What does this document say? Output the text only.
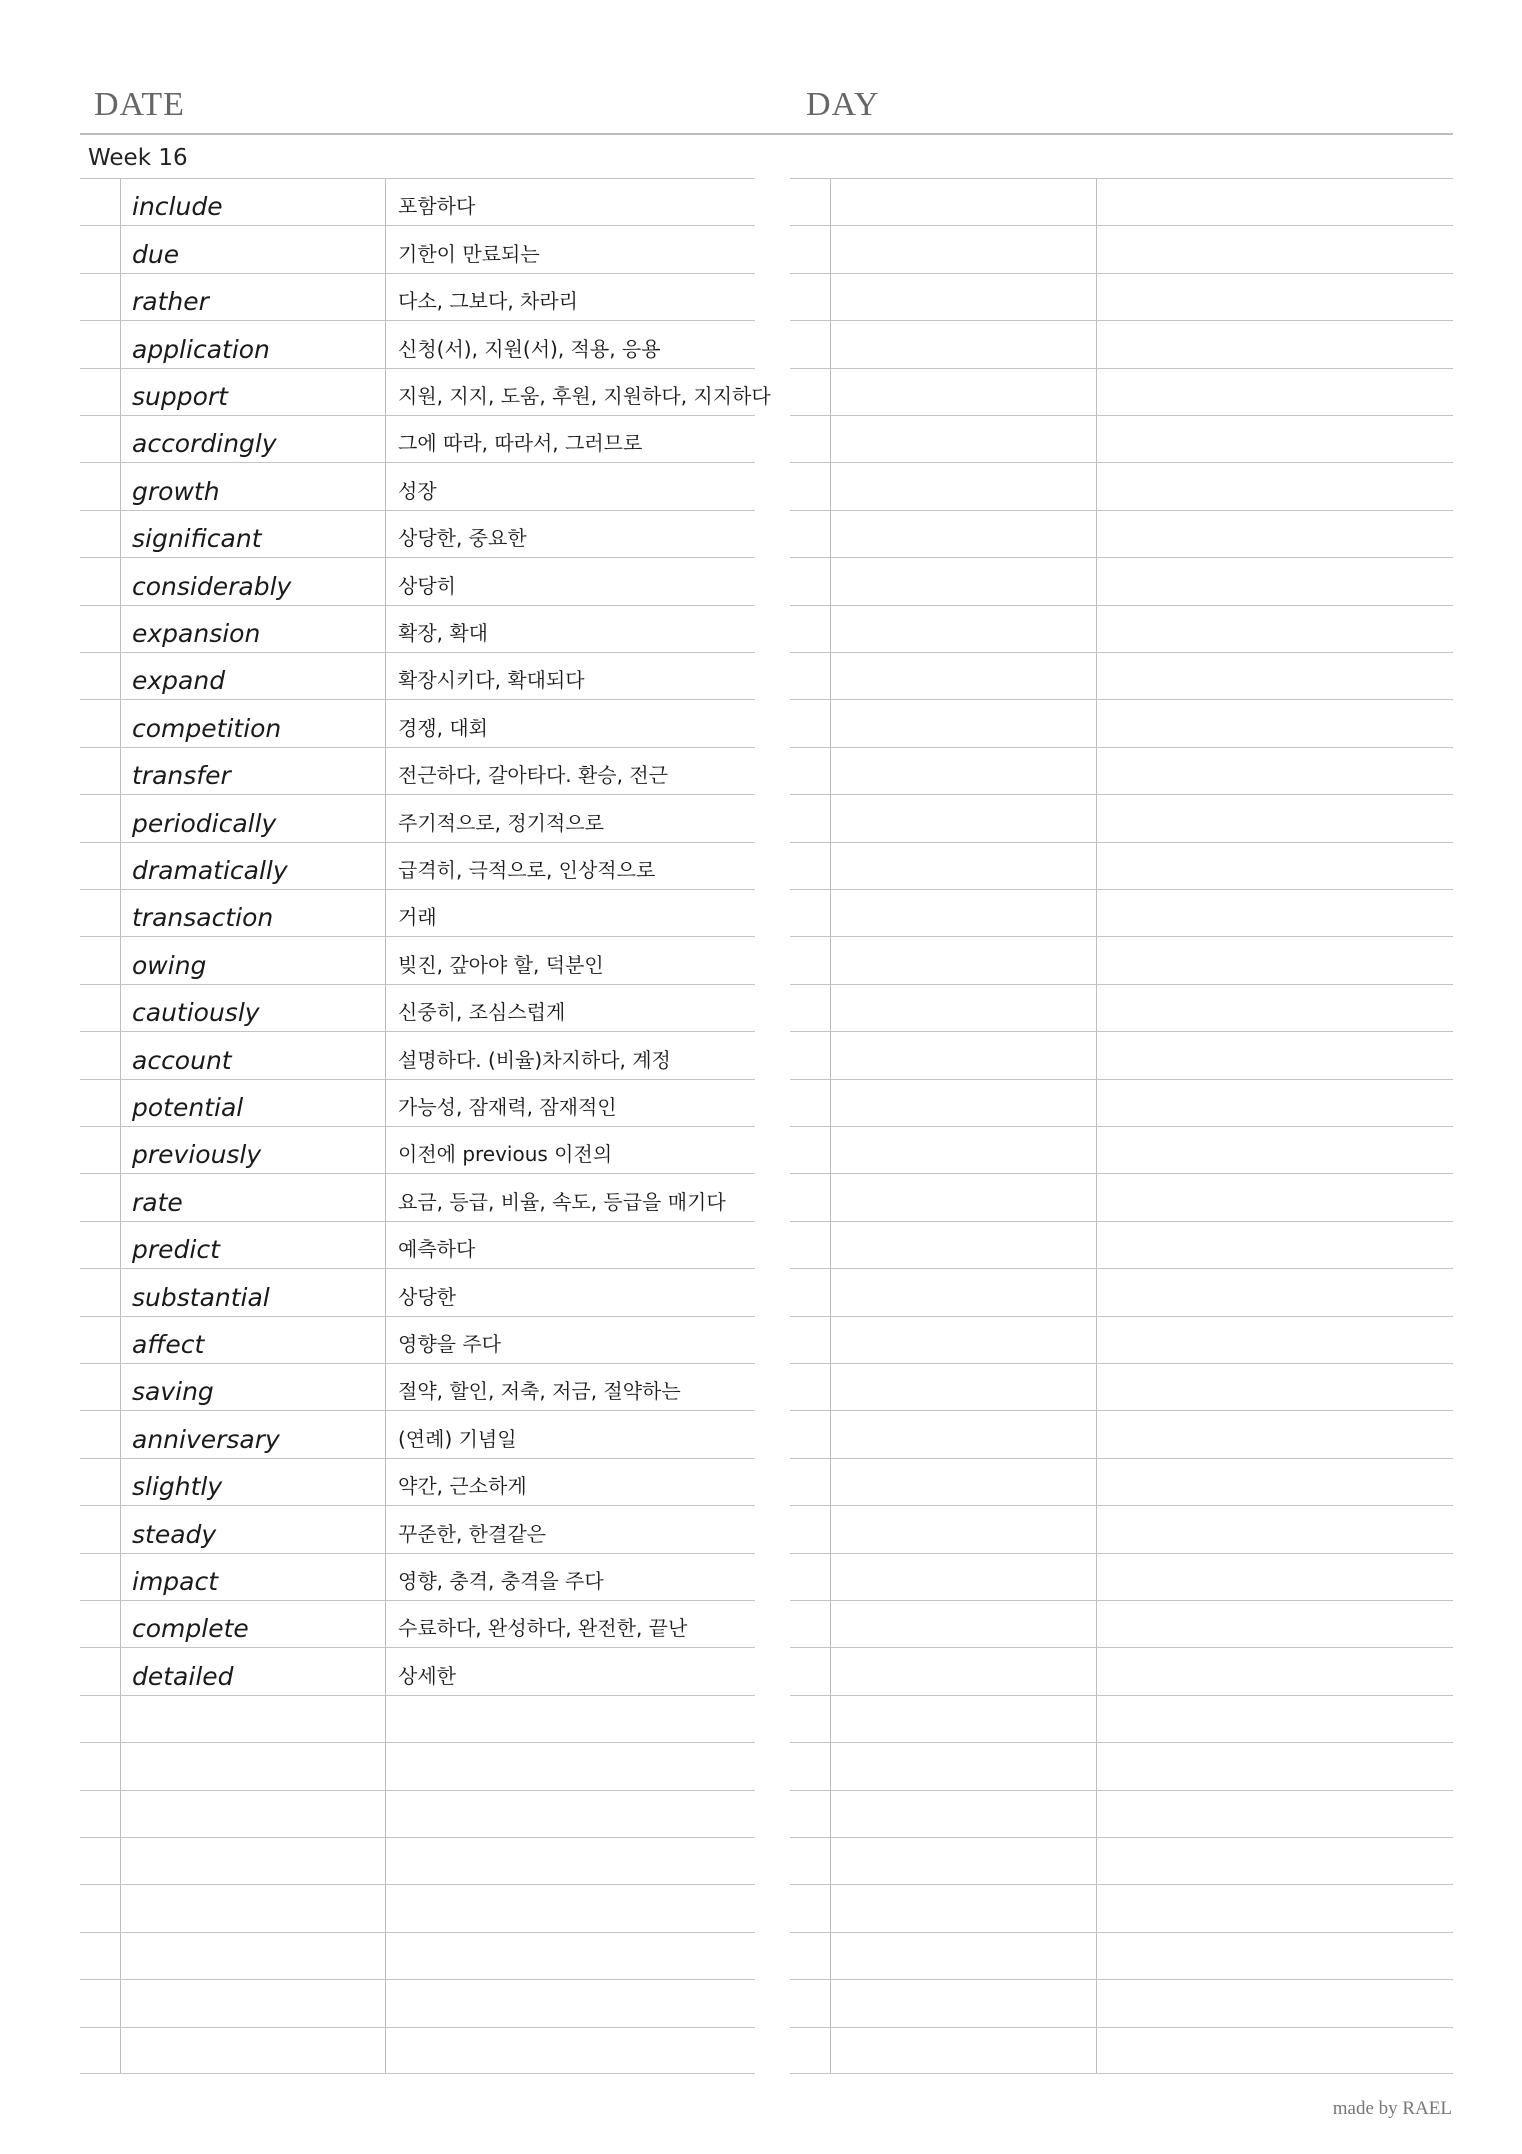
DATE	DAY
Week 16
include	포함하다
due	기한이 만료되는
rather	다소, 그보다, 차라리
application	신청(서), 지원(서), 적용, 응용
support	지원, 지지, 도움, 후원, 지원하다, 지지하다
accordingly	그에 따라, 따라서, 그러므로
growth	성장
significant	상당한, 중요한
considerably	상당히
expansion	확장, 확대
expand	확장시키다, 확대되다
competition	경쟁, 대회
transfer	전근하다, 갈아타다. 환승, 전근
periodically	주기적으로, 정기적으로
dramatically	급격히, 극적으로, 인상적으로
transaction	거래
owing	빚진, 갚아야 할, 덕분인
cautiously	신중히, 조심스럽게
account	설명하다. (비율)차지하다, 계정
potential	가능성, 잠재력, 잠재적인
previously	이전에 previous 이전의
rate	요금, 등급, 비율, 속도, 등급을 매기다
predict	예측하다
substantial	상당한
affect	영향을 주다
saving	절약, 할인, 저축, 저금, 절약하는
anniversary	(연례) 기념일
slightly	약간, 근소하게
steady	꾸준한, 한결같은
impact	영향, 충격, 충격을 주다
complete	수료하다, 완성하다, 완전한, 끝난
detailed	상세한
made by RAEL
